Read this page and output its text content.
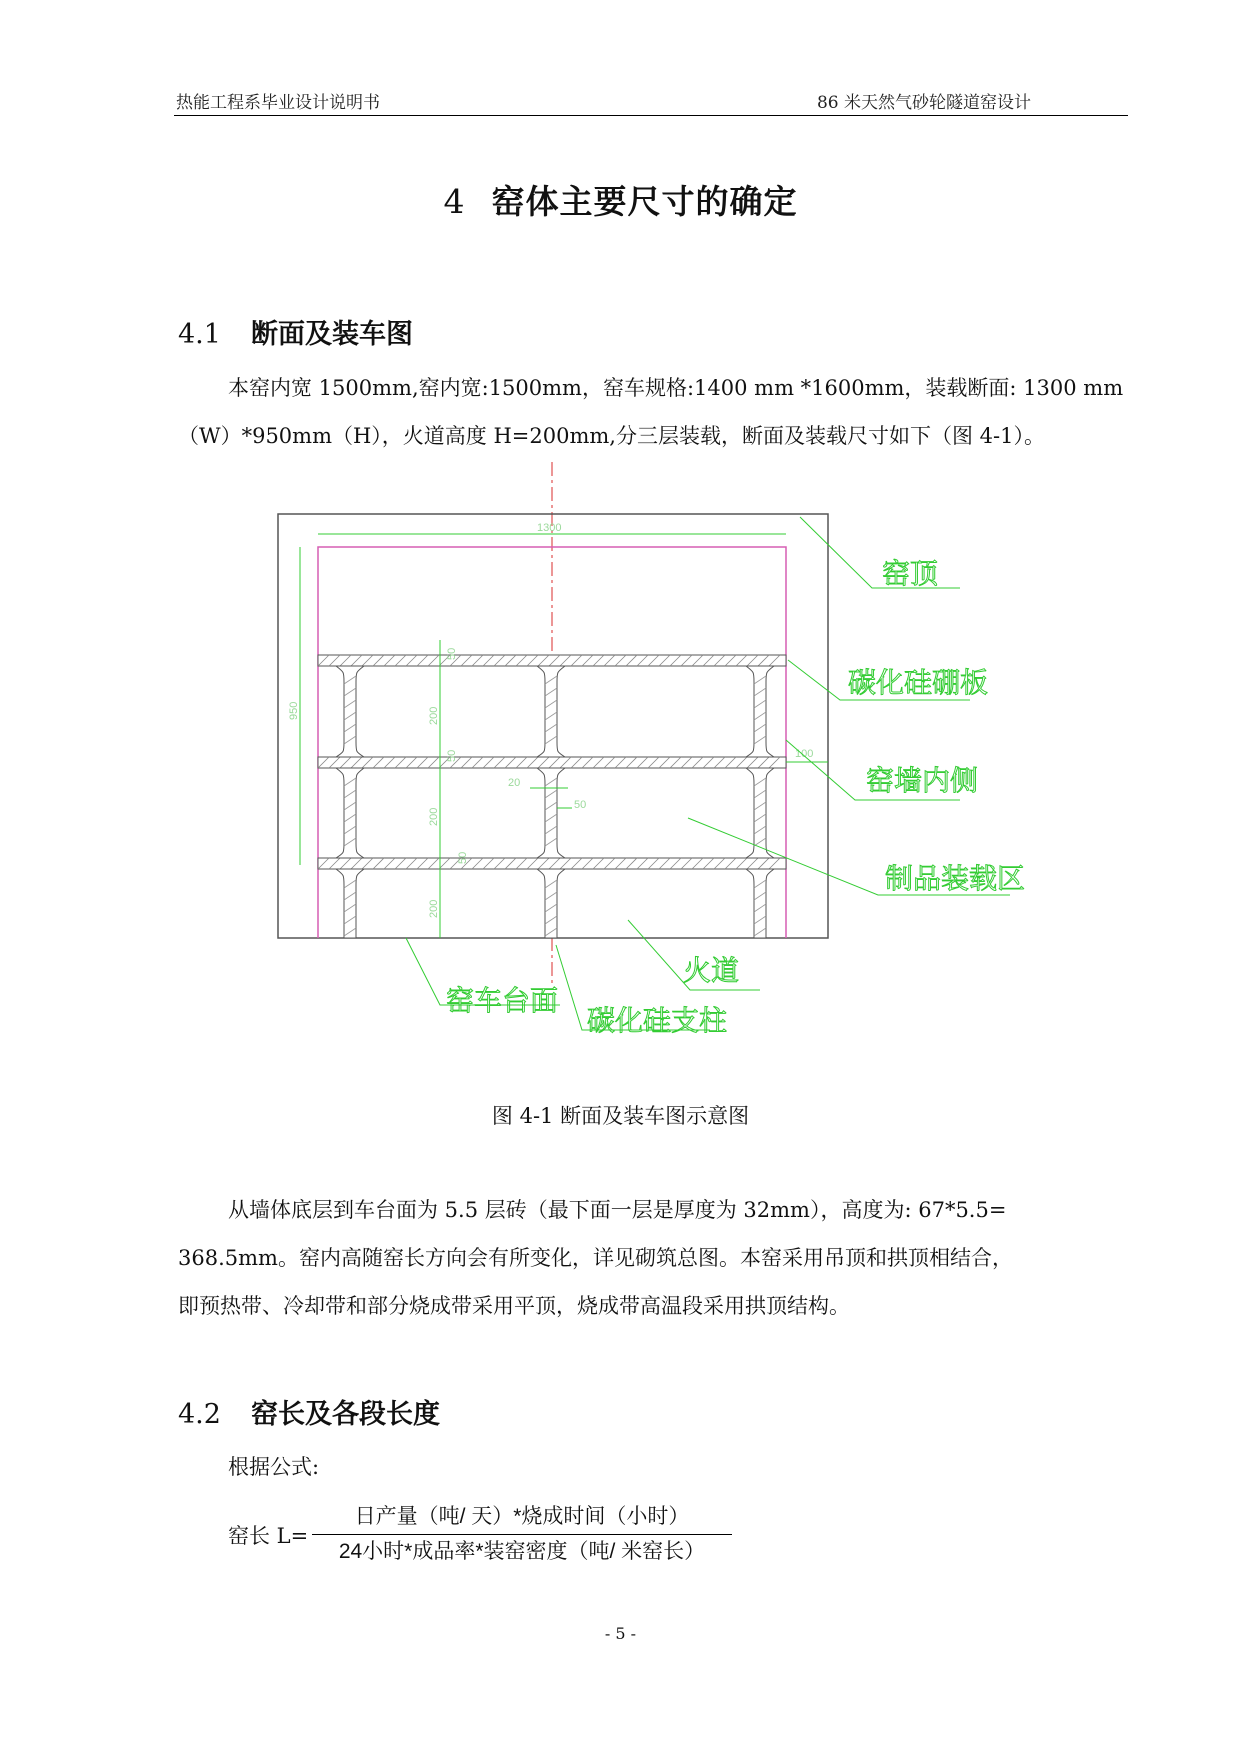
热能工程系毕业设计说明书	86 米天然气砂轮隧道窑设计
4 窑体主要尺寸的确定
4.1 断面及装车图

本窑内宽 1500mm,窑内宽:1500mm，窑车规格:1400 mm *1600mm，装载断面: 1300 mm

（W）*950mm（H），火道高度 H=200mm,分三层装载，断面及装载尺寸如下（图 4-1）。

1300
950
50
200
50
200
50
200
20
50
100
窑顶
碳化硅硼板
窑墙内侧
制品装载区
火道
窑车台面
碳化硅支柱
图 4-1 断面及装车图示意图

从墙体底层到车台面为 5.5 层砖（最下面一层是厚度为 32mm），高度为: 67*5.5=

368.5mm。窑内高随窑长方向会有所变化，详见砌筑总图。本窑采用吊顶和拱顶相结合，

即预热带、冷却带和部分烧成带采用平顶，烧成带高温段采用拱顶结构。

4.2 窑长及各段长度
根据公式:
窑长 L=
日产量（吨/ 天）*烧成时间（小时）
24小时*成品率*装窑密度（吨/ 米窑长）
- 5 -
